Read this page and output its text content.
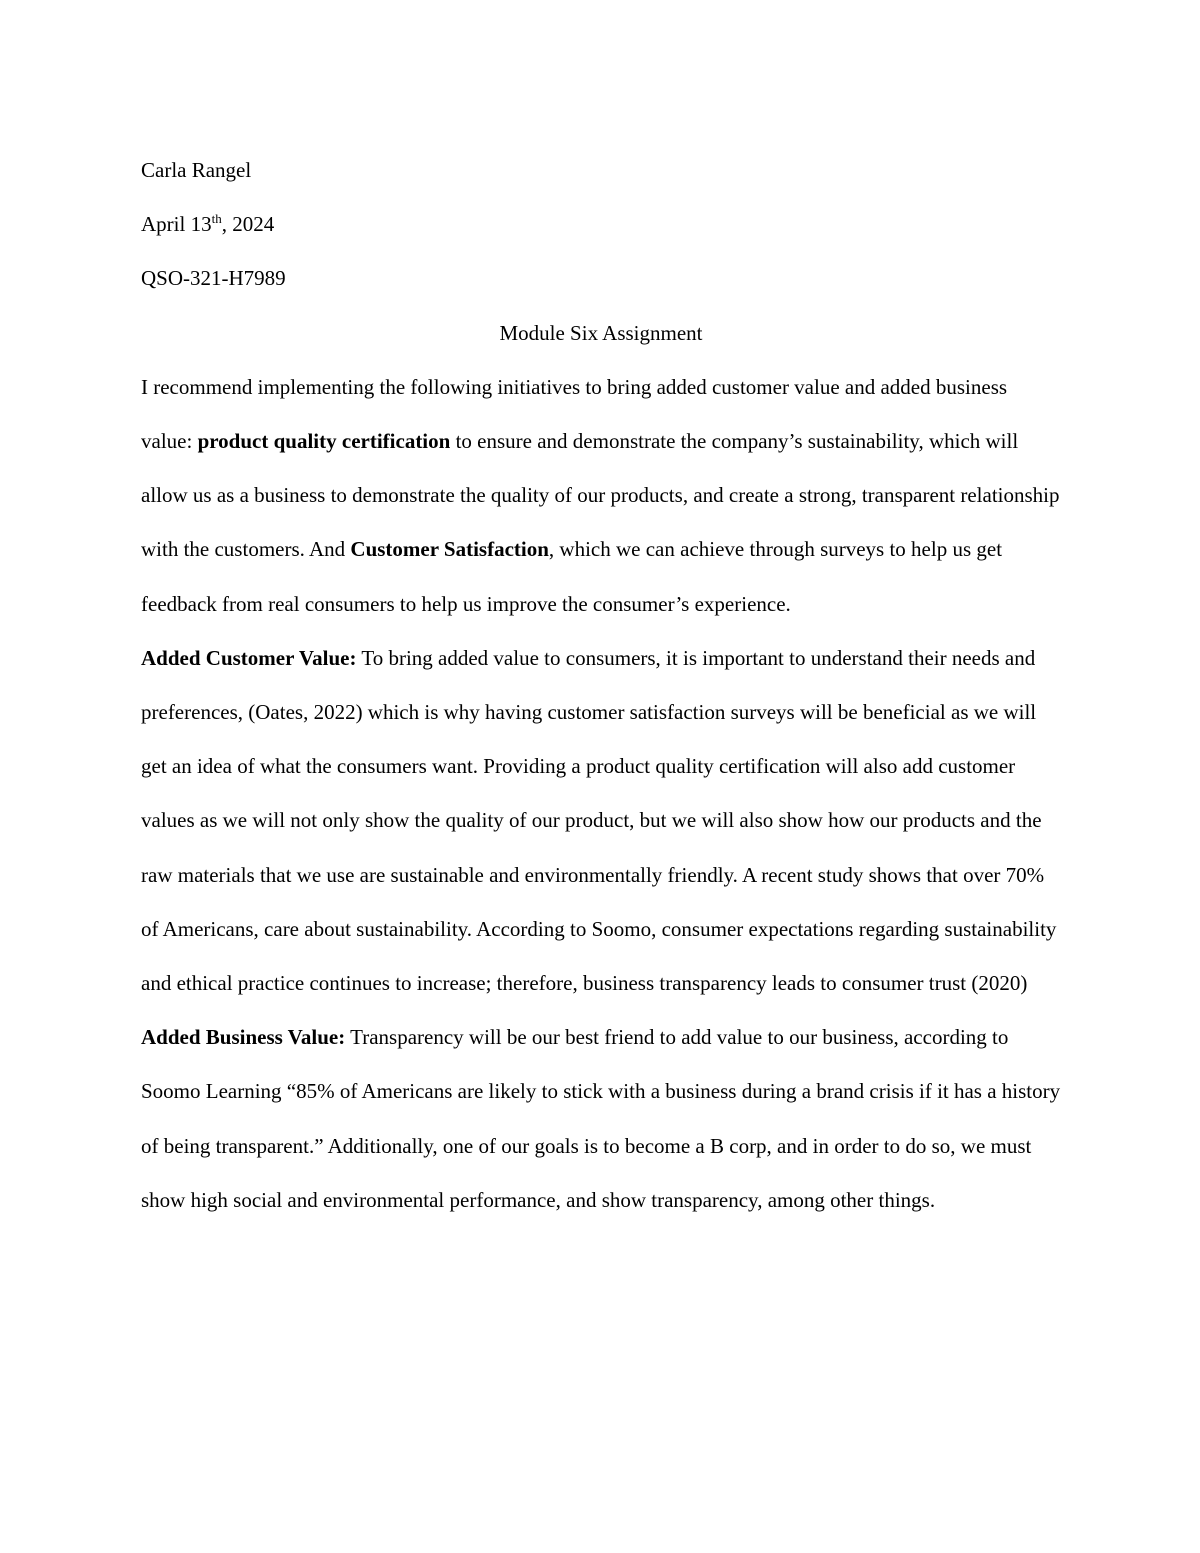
Carla Rangel

April 13th, 2024

QSO-321-H7989

Module Six Assignment

I recommend implementing the following initiatives to bring added customer value and added business value: product quality certification to ensure and demonstrate the company’s sustainability, which will allow us as a business to demonstrate the quality of our products, and create a strong, transparent relationship with the customers. And Customer Satisfaction, which we can achieve through surveys to help us get feedback from real consumers to help us improve the consumer’s experience.

Added Customer Value: To bring added value to consumers, it is important to understand their needs and preferences, (Oates, 2022) which is why having customer satisfaction surveys will be beneficial as we will get an idea of what the consumers want. Providing a product quality certification will also add customer values as we will not only show the quality of our product, but we will also show how our products and the raw materials that we use are sustainable and environmentally friendly. A recent study shows that over 70% of Americans, care about sustainability. According to Soomo, consumer expectations regarding sustainability and ethical practice continues to increase; therefore, business transparency leads to consumer trust (2020)

Added Business Value: Transparency will be our best friend to add value to our business, according to Soomo Learning “85% of Americans are likely to stick with a business during a brand crisis if it has a history of being transparent.” Additionally, one of our goals is to become a B corp, and in order to do so, we must show high social and environmental performance, and show transparency, among other things.
